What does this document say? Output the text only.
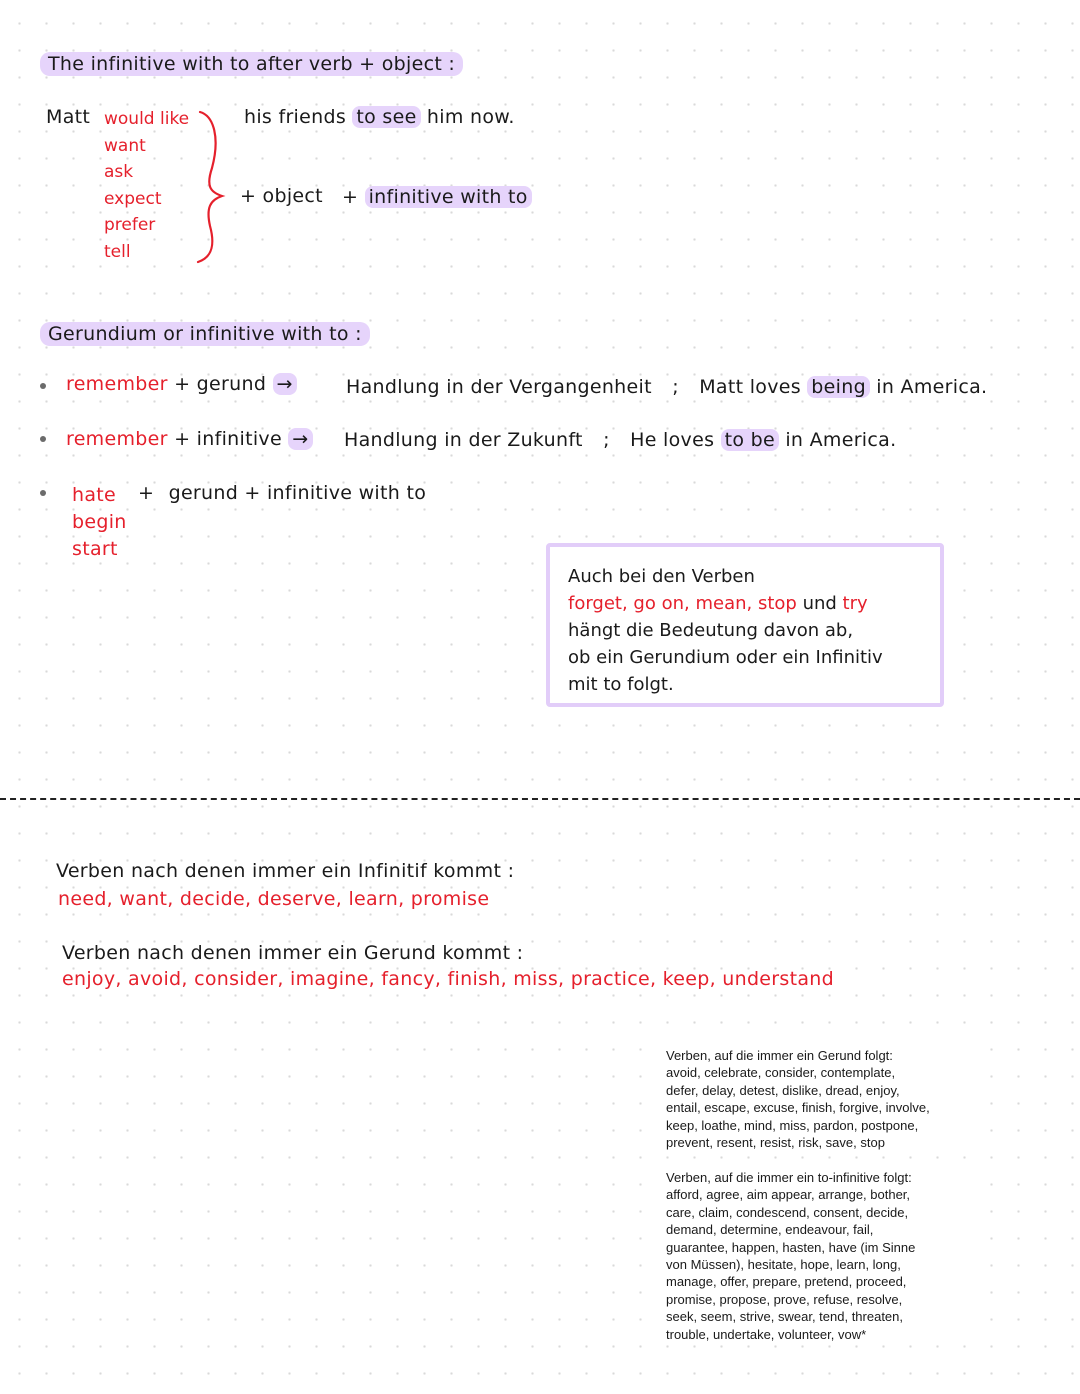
The infinitive with to after verb + object :
Matt would like
want
ask
expect
prefer
tell
his friends to see him now.
+ object + infinitive with to
Gerundium or infinitive with to :
remember + gerund →	Handlung in der Vergangenheit ; Matt loves being in America.
remember + infinitive → Handlung in der Zukunft ; He loves to be in America.
hate
begin
start
+ gerund + infinitive with to
Auch bei den Verben
forget, go on, mean, stop und try
hängt die Bedeutung davon ab,
ob ein Gerundium oder ein Infinitiv
mit to folgt.
Verben nach denen immer ein Infinitif kommt :
need, want, decide, deserve, learn, promise
Verben nach denen immer ein Gerund kommt :
enjoy, avoid, consider, imagine, fancy, finish, miss, practice, keep, understand

Verben, auf die immer ein Gerund folgt:

avoid, celebrate, consider, contemplate,

defer, delay, detest, dislike, dread, enjoy,

entail, escape, excuse, finish, forgive, involve,

keep, loathe, mind, miss, pardon, postpone,

prevent, resent, resist, risk, save, stop

Verben, auf die immer ein to-infinitive folgt:

afford, agree, aim appear, arrange, bother,

care, claim, condescend, consent, decide,

demand, determine, endeavour, fail,

guarantee, happen, hasten, have (im Sinne

von Müssen), hesitate, hope, learn, long,

manage, offer, prepare, pretend, proceed,

promise, propose, prove, refuse, resolve,

seek, seem, strive, swear, tend, threaten,

trouble, undertake, volunteer, vow*
